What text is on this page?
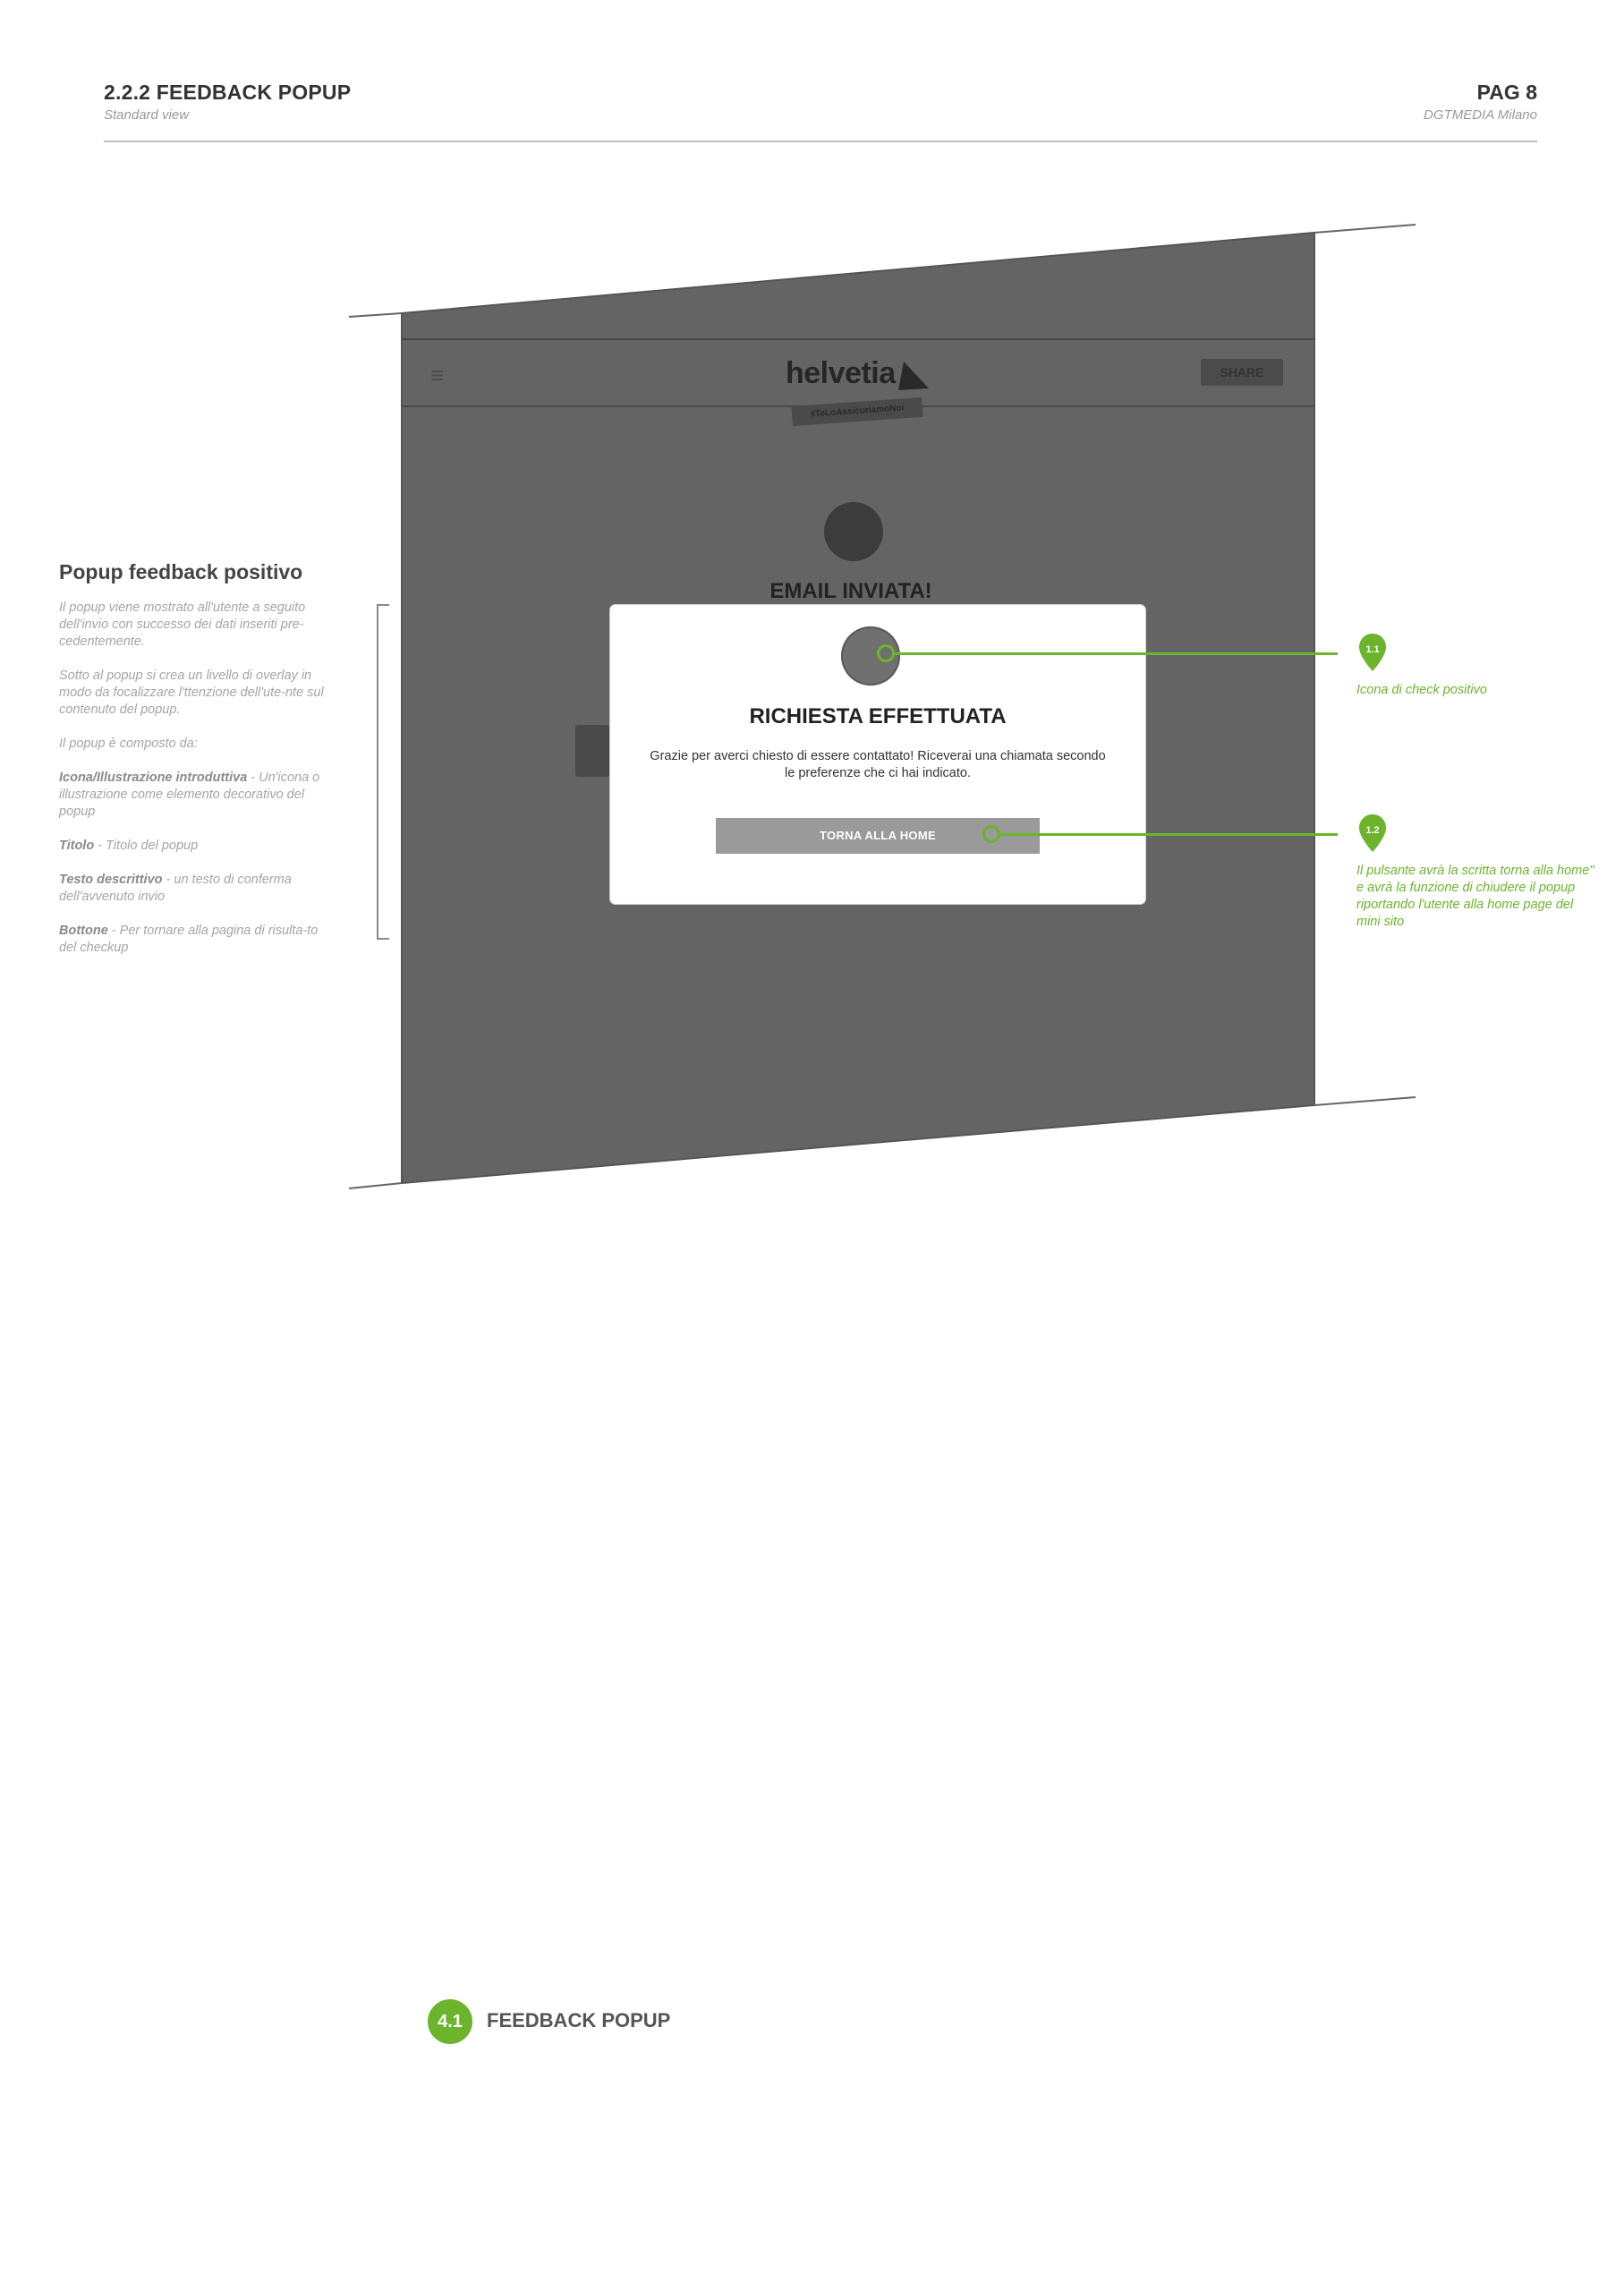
2.2.2 FEEDBACK POPUP
Standard view
PAG 8
DGTMEDIA Milano
Popup feedback positivo

Il popup viene mostrato all'utente a seguito dell'invio con successo dei dati inseriti pre-cedentemente.

Sotto al popup si crea un livello di overlay in modo da focalizzare l'ttenzione dell'ute-nte sul contenuto del popup.

Il popup è composto da:

Icona/Illustrazione introduttiva - Un'icona o illustrazione come elemento decorativo del popup

Titolo - Titolo del popup

Testo descrittivo - un testo di conferma dell'avvenuto invio

Bottone - Per tornare alla pagina di risulta-to del checkup

≡	helvetia
#TeLoAssicuriamoNoi
SHARE
EMAIL INVIATA!
RICHIESTA EFFETTUATA
Grazie per averci chiesto di essere contattato! Riceverai una chiamata secondo le preferenze che ci hai indicato.
TORNA ALLA HOME
1.1
Icona di check positivo
1.2
Il pulsante avrà la scritta torna alla home" e avrà la funzione di chiudere il popup riportando l'utente alla home page del mini sito
4.1	FEEDBACK POPUP
